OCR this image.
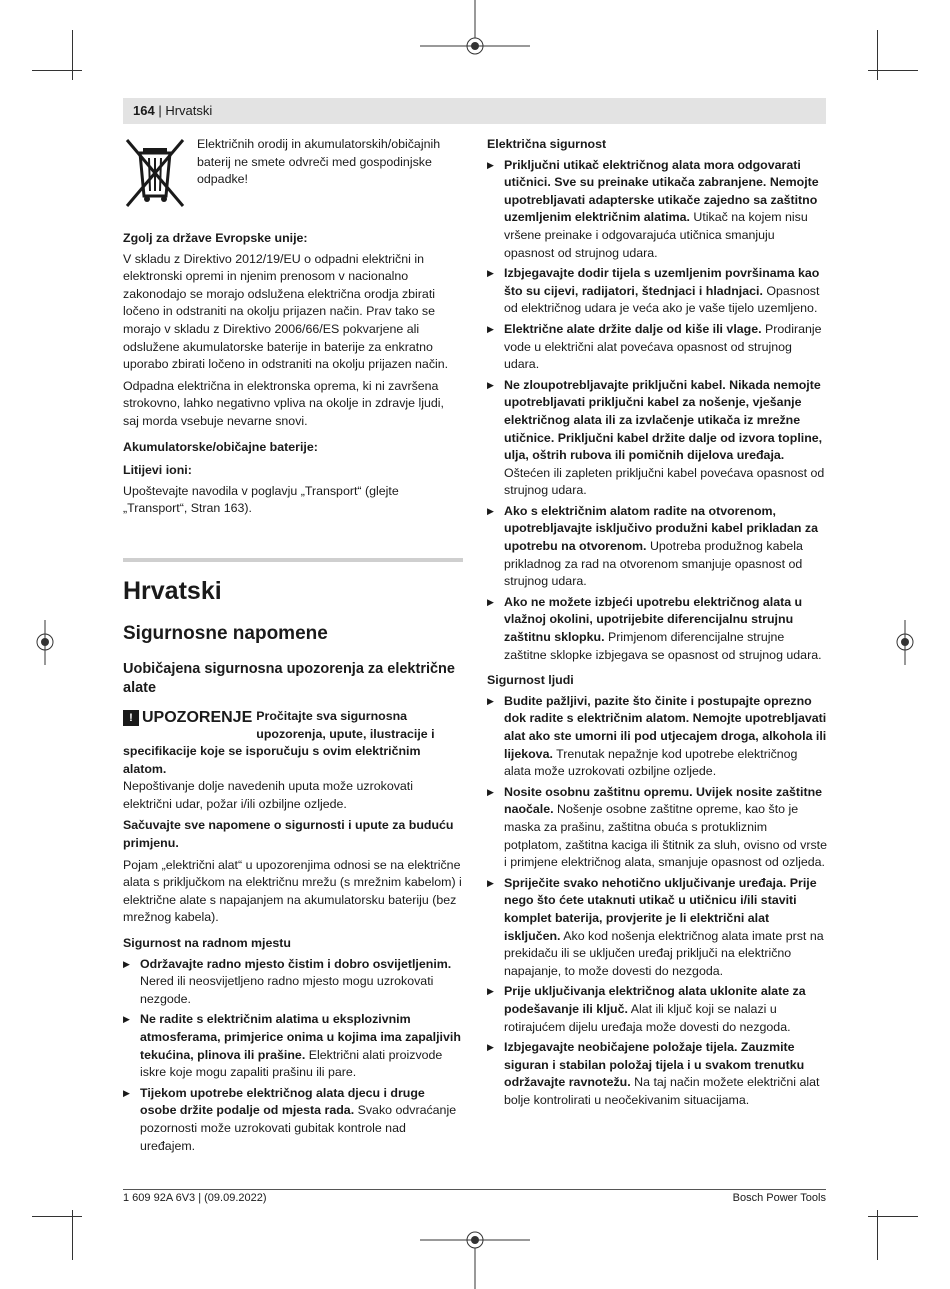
164 | Hrvatski
Električnih orodij in akumulatorskih/običajnih baterij ne smete odvreči med gospodinjske odpadke!

Zgolj za države Evropske unije:

V skladu z Direktivo 2012/19/EU o odpadni električni in elektronski opremi in njenim prenosom v nacionalno zakonodajo se morajo odslužena električna orodja zbirati ločeno in odstraniti na okolju prijazen način. Prav tako se morajo v skladu z Direktivo 2006/66/ES pokvarjene ali odslužene akumulatorske baterije in baterije za enkratno uporabo zbirati ločeno in odstraniti na okolju prijazen način.

Odpadna električna in elektronska oprema, ki ni završena strokovno, lahko negativno vpliva na okolje in zdravje ljudi, saj morda vsebuje nevarne snovi.

Akumulatorske/običajne baterije:

Litijevi ioni:

Upoštevajte navodila v poglavju „Transport“ (glejte „Transport“, Stran 163).

Hrvatski
Sigurnosne napomene
Uobičajena sigurnosna upozorenja za električne alate

! UPOZORENJE Pročitajte sva sigurnosna upozorenja, upute, ilustracije i specifikacije koje se isporučuju s ovim električnim alatom.

Nepoštivanje dolje navedenih uputa može uzrokovati električni udar, požar i/ili ozbiljne ozljede.

Sačuvajte sve napomene o sigurnosti i upute za buduću primjenu.

Pojam „električni alat“ u upozorenjima odnosi se na električne alata s priključkom na električnu mrežu (s mrežnim kabelom) i električne alate s napajanjem na akumulatorsku bateriju (bez mrežnog kabela).

Sigurnost na radnom mjestu

▶ Održavajte radno mjesto čistim i dobro osvijetljenim. Nered ili neosvijetljeno radno mjesto mogu uzrokovati nezgode.
▶ Ne radite s električnim alatima u eksplozivnim atmosferama, primjerice onima u kojima ima zapaljivih tekućina, plinova ili prašine. Električni alati proizvode iskre koje mogu zapaliti prašinu ili pare.
▶ Tijekom upotrebe električnog alata djecu i druge osobe držite podalje od mjesta rada. Svako odvraćanje pozornosti može uzrokovati gubitak kontrole nad uređajem.

Električna sigurnost

▶ Priključni utikač električnog alata mora odgovarati utičnici. Sve su preinake utikača zabranjene. Nemojte upotrebljavati adapterske utikače zajedno sa zaštitno uzemljenim električnim alatima. Utikač na kojem nisu vršene preinake i odgovarajuća utičnica smanjuju opasnost od strujnog udara.
▶ Izbjegavajte dodir tijela s uzemljenim površinama kao što su cijevi, radijatori, štednjaci i hladnjaci. Opasnost od električnog udara je veća ako je vaše tijelo uzemljeno.
▶ Električne alate držite dalje od kiše ili vlage. Prodiranje vode u električni alat povećava opasnost od strujnog udara.
▶ Ne zloupotrebljavajte priključni kabel. Nikada nemojte upotrebljavati priključni kabel za nošenje, vješanje električnog alata ili za izvlačenje utikača iz mrežne utičnice. Priključni kabel držite dalje od izvora topline, ulja, oštrih rubova ili pomičnih dijelova uređaja. Oštećen ili zapleten priključni kabel povećava opasnost od strujnog udara.
▶ Ako s električnim alatom radite na otvorenom, upotrebljavajte isključivo produžni kabel prikladan za upotrebu na otvorenom. Upotreba produžnog kabela prikladnog za rad na otvorenom smanjuje opasnost od strujnog udara.
▶ Ako ne možete izbjeći upotrebu električnog alata u vlažnoj okolini, upotrijebite diferencijalnu strujnu zaštitnu sklopku. Primjenom diferencijalne strujne zaštitne sklopke izbjegava se opasnost od strujnog udara.

Sigurnost ljudi

▶ Budite pažljivi, pazite što činite i postupajte oprezno dok radite s električnim alatom. Nemojte upotrebljavati alat ako ste umorni ili pod utjecajem droga, alkohola ili lijekova. Trenutak nepažnje kod upotrebe električnog alata može uzrokovati ozbiljne ozljede.
▶ Nosite osobnu zaštitnu opremu. Uvijek nosite zaštitne naočale. Nošenje osobne zaštitne opreme, kao što je maska za prašinu, zaštitna obuća s protukliznim potplatom, zaštitna kaciga ili štitnik za sluh, ovisno od vrste i primjene električnog alata, smanjuje opasnost od ozljeda.
▶ Spriječite svako nehotično uključivanje uređaja. Prije nego što ćete utaknuti utikač u utičnicu i/ili staviti komplet baterija, provjerite je li električni alat isključen. Ako kod nošenja električnog alata imate prst na prekidaču ili se uključen uređaj priključi na električno napajanje, to može dovesti do nezgoda.
▶ Prije uključivanja električnog alata uklonite alate za podešavanje ili ključ. Alat ili ključ koji se nalazi u rotirajućem dijelu uređaja može dovesti do nezgoda.
▶ Izbjegavajte neobičajene položaje tijela. Zauzmite siguran i stabilan položaj tijela i u svakom trenutku održavajte ravnotežu. Na taj način možete električni alat bolje kontrolirati u neočekivanim situacijama.
1 609 92A 6V3 | (09.09.2022)	Bosch Power Tools
